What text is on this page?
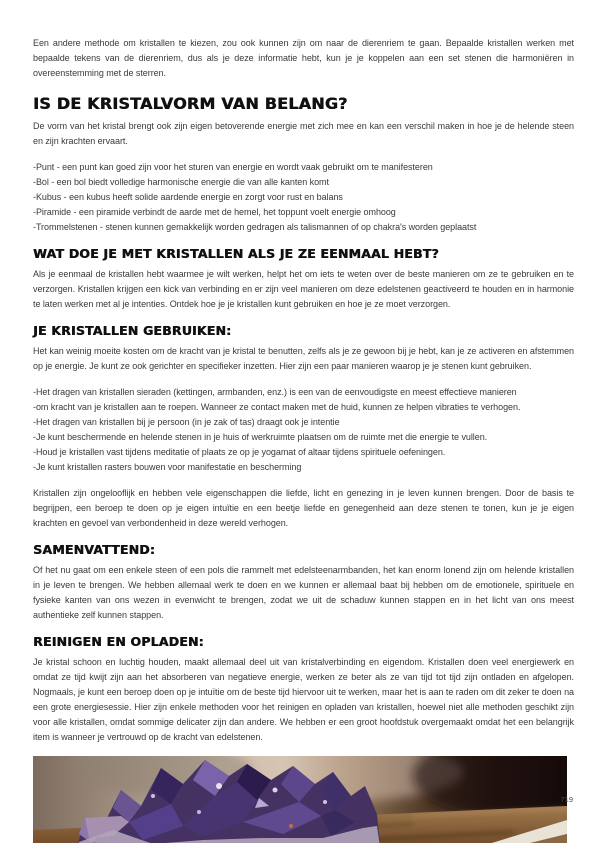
Een andere methode om kristallen te kiezen, zou ook kunnen zijn om naar de dierenriem te gaan. Bepaalde kristallen werken met bepaalde tekens van de dierenriem, dus als je deze informatie hebt, kun je je koppelen aan een set stenen die harmoniëren in overeenstemming met de sterren.

IS DE KRISTALVORM VAN BELANG?

De vorm van het kristal brengt ook zijn eigen betoverende energie met zich mee en kan een verschil maken in hoe je de helende steen en zijn krachten ervaart.

-Punt - een punt kan goed zijn voor het sturen van energie en wordt vaak gebruikt om te manifesteren
-Bol - een bol biedt volledige harmonische energie die van alle kanten komt
-Kubus - een kubus heeft solide aardende energie en zorgt voor rust en balans
-Piramide - een piramide verbindt de aarde met de hemel, het toppunt voelt energie omhoog
-Trommelstenen - stenen kunnen gemakkelijk worden gedragen als talismannen of op chakra's worden geplaatst
WAT DOE JE MET KRISTALLEN ALS JE ZE EENMAAL HEBT?

Als je eenmaal de kristallen hebt waarmee je wilt werken, helpt het om iets te weten over de beste manieren om ze te gebruiken en te verzorgen. Kristallen krijgen een kick van verbinding en er zijn veel manieren om deze edelstenen geactiveerd te houden en in harmonie te laten werken met al je intenties. Ontdek hoe je je kristallen kunt gebruiken en hoe je ze moet verzorgen.

JE KRISTALLEN GEBRUIKEN:

Het kan weinig moeite kosten om de kracht van je kristal te benutten, zelfs als je ze gewoon bij je hebt, kan je ze activeren en afstemmen op je energie. Je kunt ze ook gerichter en specifieker inzetten. Hier zijn een paar manieren waarop je je stenen kunt gebruiken.

-Het dragen van kristallen sieraden (kettingen, armbanden, enz.) is een van de eenvoudigste en meest effectieve manieren
-om kracht van je kristallen aan te roepen. Wanneer ze contact maken met de huid, kunnen ze helpen vibraties te verhogen.
-Het dragen van kristallen bij je persoon (in je zak of tas) draagt ook je intentie
-Je kunt beschermende en helende stenen in je huis of werkruimte plaatsen om de ruimte met die energie te vullen.
-Houd je kristallen vast tijdens meditatie of plaats ze op je yogamat of altaar tijdens spirituele oefeningen.
-Je kunt kristallen rasters bouwen voor manifestatie en bescherming

Kristallen zijn ongelooflijk en hebben vele eigenschappen die liefde, licht en genezing in je leven kunnen brengen. Door de basis te begrijpen, een beroep te doen op je eigen intuïtie en een beetje liefde en genegenheid aan deze stenen te tonen, kun je je eigen krachten en gevoel van verbondenheid in deze wereld verhogen.

SAMENVATTEND:

Of het nu gaat om een enkele steen of een pols die rammelt met edelsteenarmbanden, het kan enorm lonend zijn om helende kristallen in je leven te brengen. We hebben allemaal werk te doen en we kunnen er allemaal baat bij hebben om de emotionele, spirituele en fysieke kanten van ons wezen in evenwicht te brengen, zodat we uit de schaduw kunnen stappen en in het licht van ons meest authentieke zelf kunnen stappen.

REINIGEN EN OPLADEN:

Je kristal schoon en luchtig houden, maakt allemaal deel uit van kristalverbinding en eigendom. Kristallen doen veel energiewerk en omdat ze tijd kwijt zijn aan het absorberen van negatieve energie, werken ze beter als ze van tijd tot tijd zijn ontladen en afgelopen. Nogmaals, je kunt een beroep doen op je intuïtie om de beste tijd hiervoor uit te werken, maar het is aan te raden om dit zeker te doen na een grote energiesessie. Hier zijn enkele methoden voor het reinigen en opladen van kristallen, hoewel niet alle methoden geschikt zijn voor alle kristallen, omdat sommige delicater zijn dan andere. We hebben er een groot hoofdstuk overgemaakt omdat het een belangrijk item is wanneer je vertrouwd op de kracht van edelstenen.

719
